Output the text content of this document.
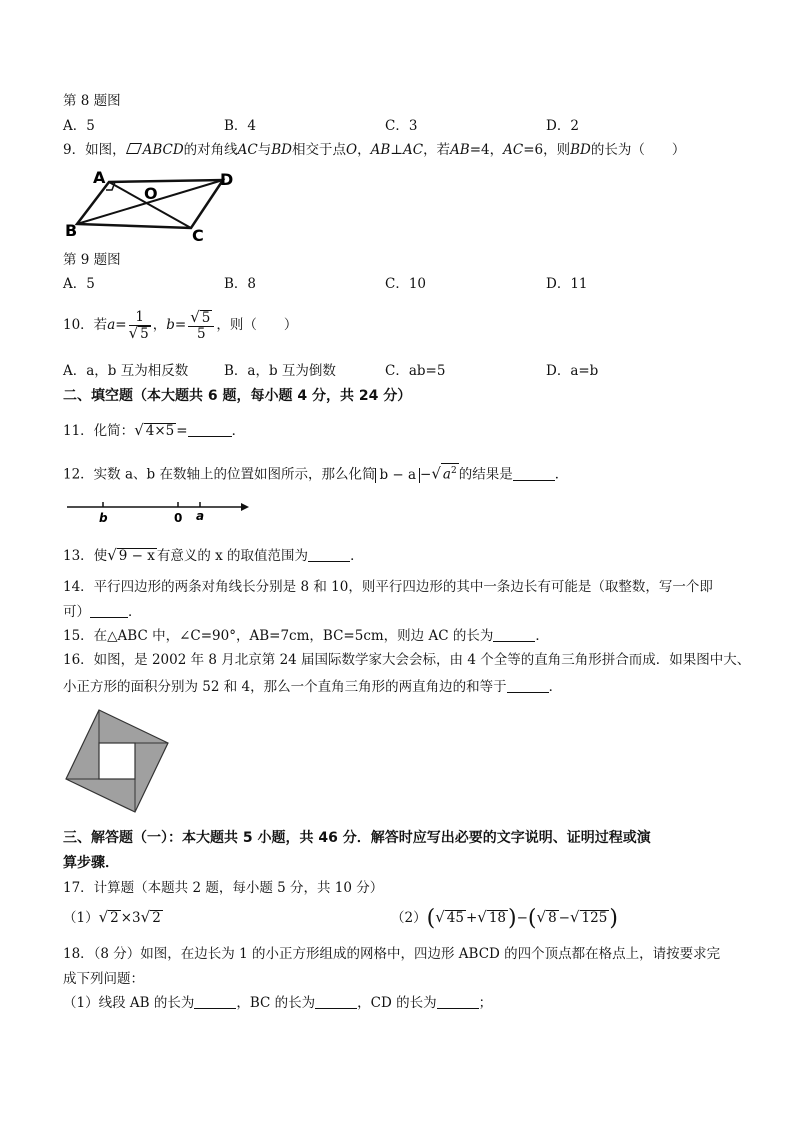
第 8 题图
A．5	B．4	C．3	D．2
9．如图， ABCD的对角线AC与BD相交于点O，AB⊥AC，若AB=4，AC=6，则BD的长为（　　）
A
B	C
D
O
第 9 题图
A．5	B．8	C．10	D．11
10．若$a= \frac{1}{√ 5}$ ，$b= \frac{√ 5}{5}$ ，则（　　）
A．a，b 互为相反数	B．a，b 互为倒数	C．ab=5	D．a=b
二、填空题（本大题共 6 题，每小题 4 分，共 24 分）
11．化简：√ 4×5 =	．
12．实数 a、b 在数轴上的位置如图所示，那么化简 b − a −√ $a^2$ 的结果是	．
b	0 a
13．使√ 9 − x 有意义的 x 的取值范围为	．
14．平行四边形的两条对角线长分别是 8 和 10，则平行四边形的其中一条边长有可能是（取整数，写一个即
可）	．
15．在△ABC 中，∠C=90°，AB=7cm，BC=5cm，则边 AC 的长为	．
16．如图，是 2002 年 8 月北京第 24 届国际数学家大会会标，由 4 个全等的直角三角形拼合而成．如果图中大、
小正方形的面积分别为 52 和 4，那么一个直角三角形的两直角边的和等于	．
三、解答题（一）：本大题共 5 小题，共 46 分．解答时应写出必要的文字说明、证明过程或演
算步骤．
17．计算题（本题共 2 题，每小题 5 分，共 10 分）
（1）√ 2 ×3√ 2	（2）(√ 45 +√ 18)−(√ 8 −√ 125)
18．（8 分）如图，在边长为 1 的小正方形组成的网格中，四边形 ABCD 的四个顶点都在格点上，请按要求完
成下列问题：
（1）线段 AB 的长为	，BC 的长为	，CD 的长为	；
